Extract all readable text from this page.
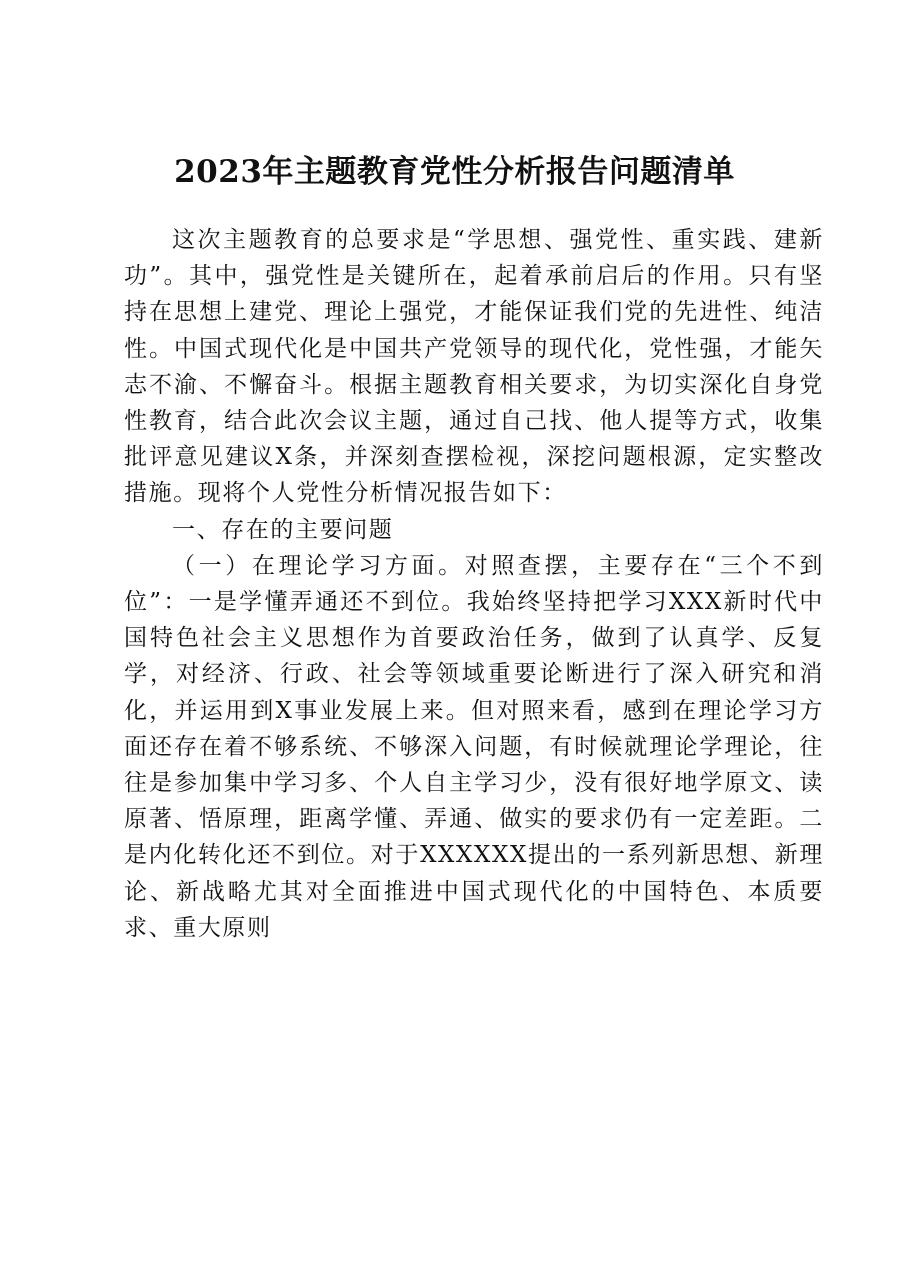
2023年主题教育党性分析报告问题清单

这次主题教育的总要求是“学思想、强党性、重实践、建新功”。其中，强党性是关键所在，起着承前启后的作用。只有坚持在思想上建党、理论上强党，才能保证我们党的先进性、纯洁性。中国式现代化是中国共产党领导的现代化，党性强，才能矢志不渝、不懈奋斗。根据主题教育相关要求，为切实深化自身党性教育，结合此次会议主题，通过自己找、他人提等方式，收集批评意见建议X条，并深刻查摆检视，深挖问题根源，定实整改措施。现将个人党性分析情况报告如下：

一、存在的主要问题

（一）在理论学习方面。对照查摆，主要存在“三个不到位”：一是学懂弄通还不到位。我始终坚持把学习XXX新时代中国特色社会主义思想作为首要政治任务，做到了认真学、反复学，对经济、行政、社会等领域重要论断进行了深入研究和消化，并运用到X事业发展上来。但对照来看，感到在理论学习方面还存在着不够系统、不够深入问题，有时候就理论学理论，往往是参加集中学习多、个人自主学习少，没有很好地学原文、读原著、悟原理，距离学懂、弄通、做实的要求仍有一定差距。二是内化转化还不到位。对于XXXXXX提出的一系列新思想、新理论、新战略尤其对全面推进中国式现代化的中国特色、本质要求、重大原则
